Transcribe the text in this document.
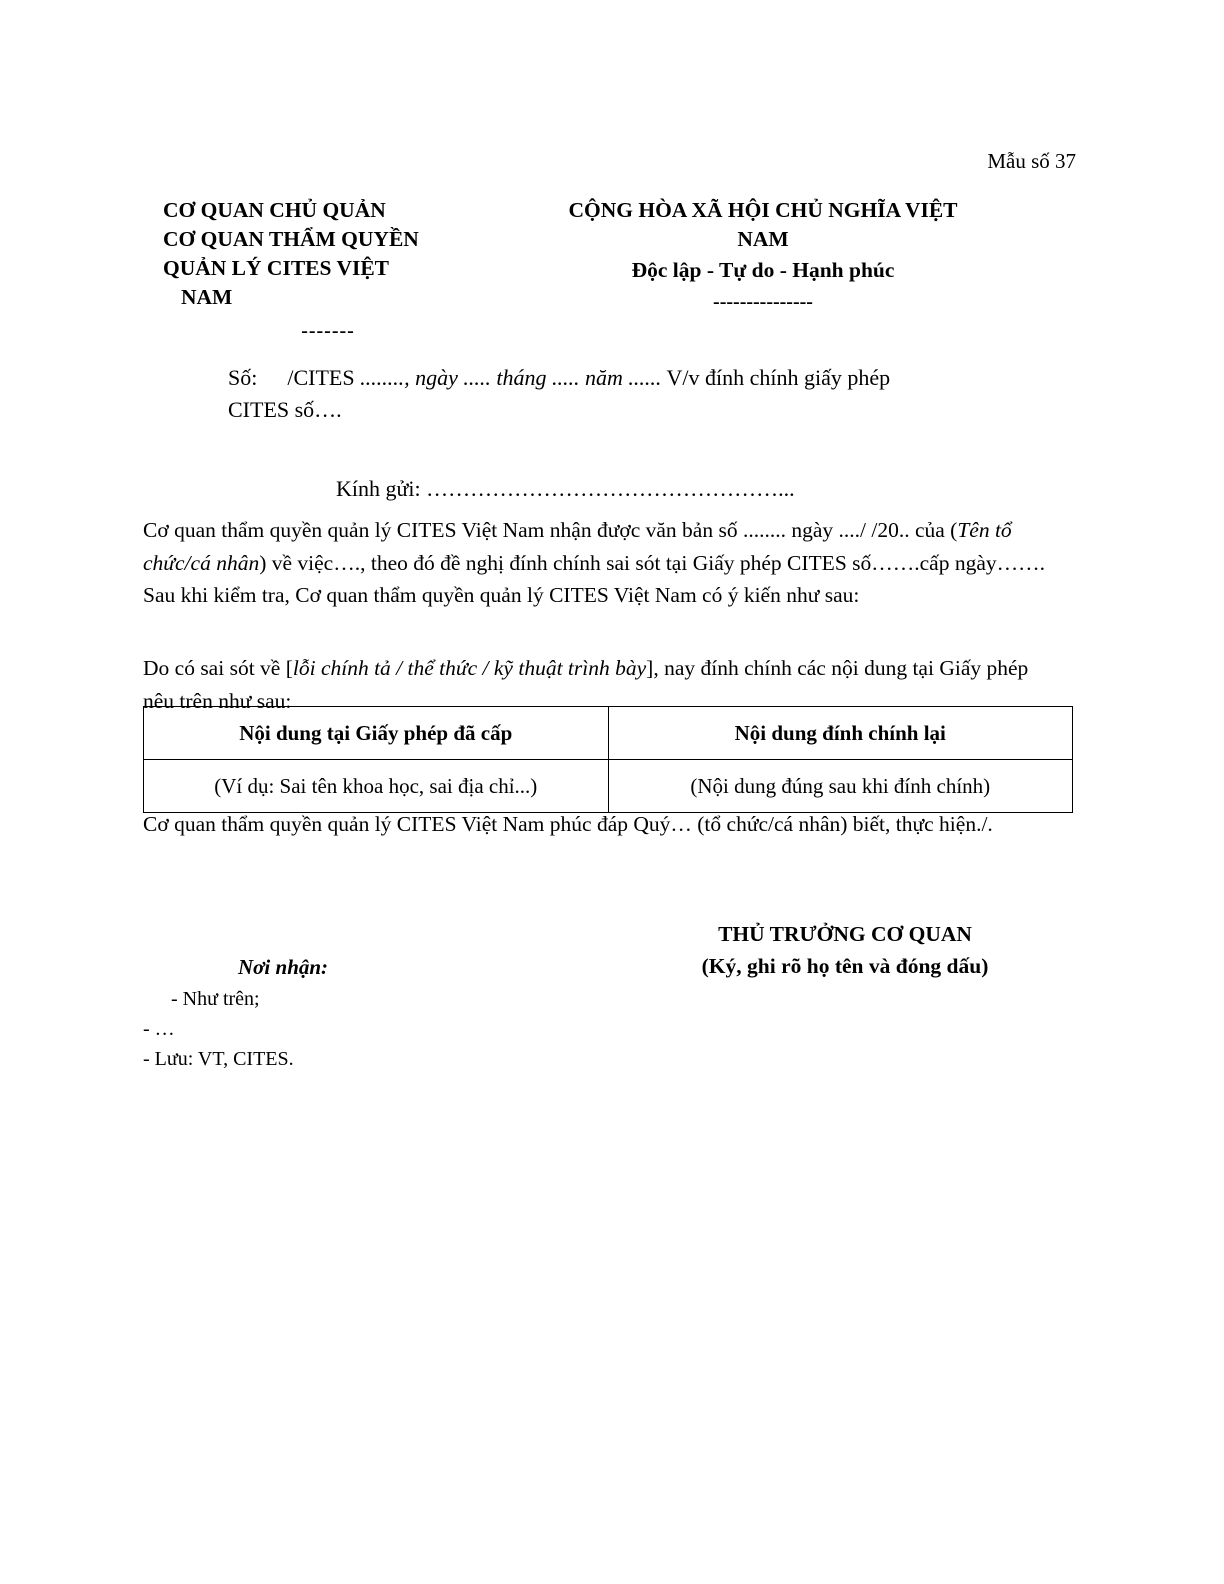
Mẫu số 37
CƠ QUAN CHỦ QUẢN
CƠ QUAN THẨM QUYỀN
QUẢN LÝ CITES VIỆT
NAM
-------
CỘNG HÒA XÃ HỘI CHỦ NGHĨA VIỆT
NAM
Độc lập - Tự do - Hạnh phúc
---------------
Số: /CITES ........, ngày ..... tháng ..... năm ...... V/v đính chính giấy phép
CITES số….
Kính gửi: …………………………………………...
Cơ quan thẩm quyền quản lý CITES Việt Nam nhận được văn bản số ........ ngày ..../ /20.. của (Tên tổ chức/cá nhân) về việc…., theo đó đề nghị đính chính sai sót tại Giấy phép CITES số…….cấp ngày……. Sau khi kiểm tra, Cơ quan thẩm quyền quản lý CITES Việt Nam có ý kiến như sau:
Do có sai sót về [lỗi chính tả / thể thức / kỹ thuật trình bày], nay đính chính các nội dung tại Giấy phép nêu trên như sau:
Nội dung tại Giấy phép đã cấp	Nội dung đính chính lại
(Ví dụ: Sai tên khoa học, sai địa chỉ...)	(Nội dung đúng sau khi đính chính)
Cơ quan thẩm quyền quản lý CITES Việt Nam phúc đáp Quý… (tổ chức/cá nhân) biết, thực hiện./.
THỦ TRƯỞNG CƠ QUAN
(Ký, ghi rõ họ tên và đóng dấu)
Nơi nhận:
- Như trên;
- …
- Lưu: VT, CITES.
